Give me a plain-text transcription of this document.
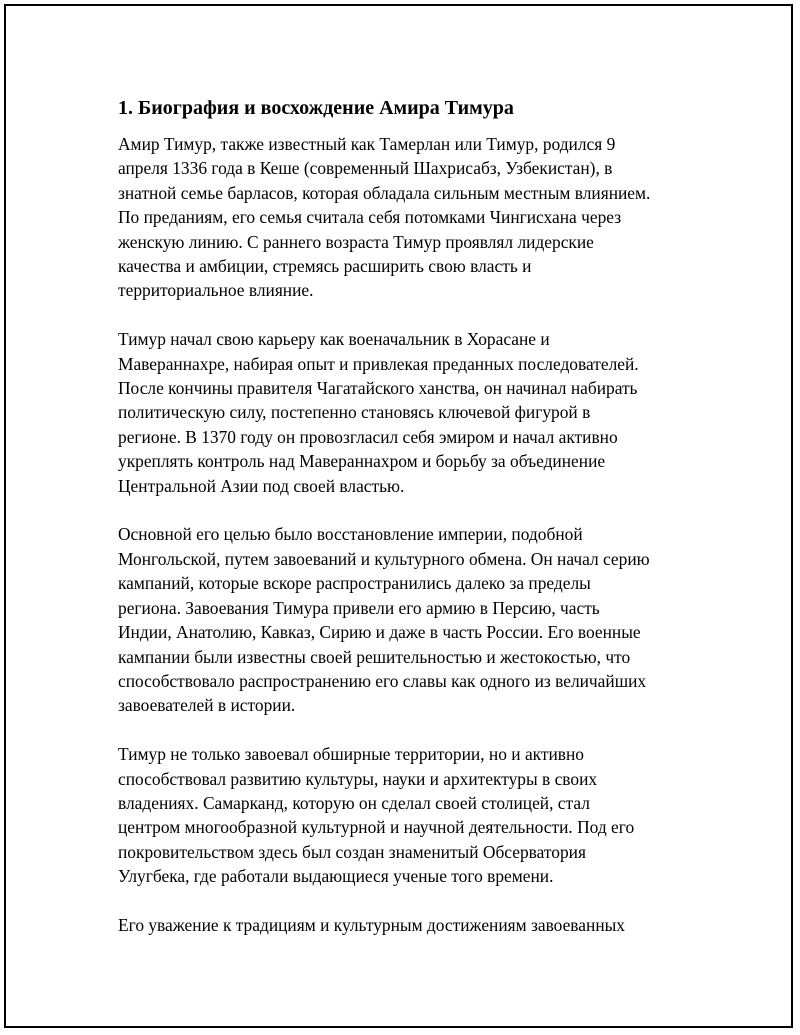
1. Биография и восхождение Амира Тимура
Амир Тимур, также известный как Тамерлан или Тимур, родился 9
апреля 1336 года в Кеше (современный Шахрисабз, Узбекистан), в
знатной семье барласов, которая обладала сильным местным влиянием.
По преданиям, его семья считала себя потомками Чингисхана через
женскую линию. С раннего возраста Тимур проявлял лидерские
качества и амбиции, стремясь расширить свою власть и
территориальное влияние.
Тимур начал свою карьеру как военачальник в Хорасане и
Мавераннахре, набирая опыт и привлекая преданных последователей.
После кончины правителя Чагатайского ханства, он начинал набирать
политическую силу, постепенно становясь ключевой фигурой в
регионе. В 1370 году он провозгласил себя эмиром и начал активно
укреплять контроль над Мавераннахром и борьбу за объединение
Центральной Азии под своей властью.
Основной его целью было восстановление империи, подобной
Монгольской, путем завоеваний и культурного обмена. Он начал серию
кампаний, которые вскоре распространились далеко за пределы
региона. Завоевания Тимура привели его армию в Персию, часть
Индии, Анатолию, Кавказ, Сирию и даже в часть России. Его военные
кампании были известны своей решительностью и жестокостью, что
способствовало распространению его славы как одного из величайших
завоевателей в истории.
Тимур не только завоевал обширные территории, но и активно
способствовал развитию культуры, науки и архитектуры в своих
владениях. Самарканд, которую он сделал своей столицей, стал
центром многообразной культурной и научной деятельности. Под его
покровительством здесь был создан знаменитый Обсерватория
Улугбека, где работали выдающиеся ученые того времени.
Его уважение к традициям и культурным достижениям завоеванных
